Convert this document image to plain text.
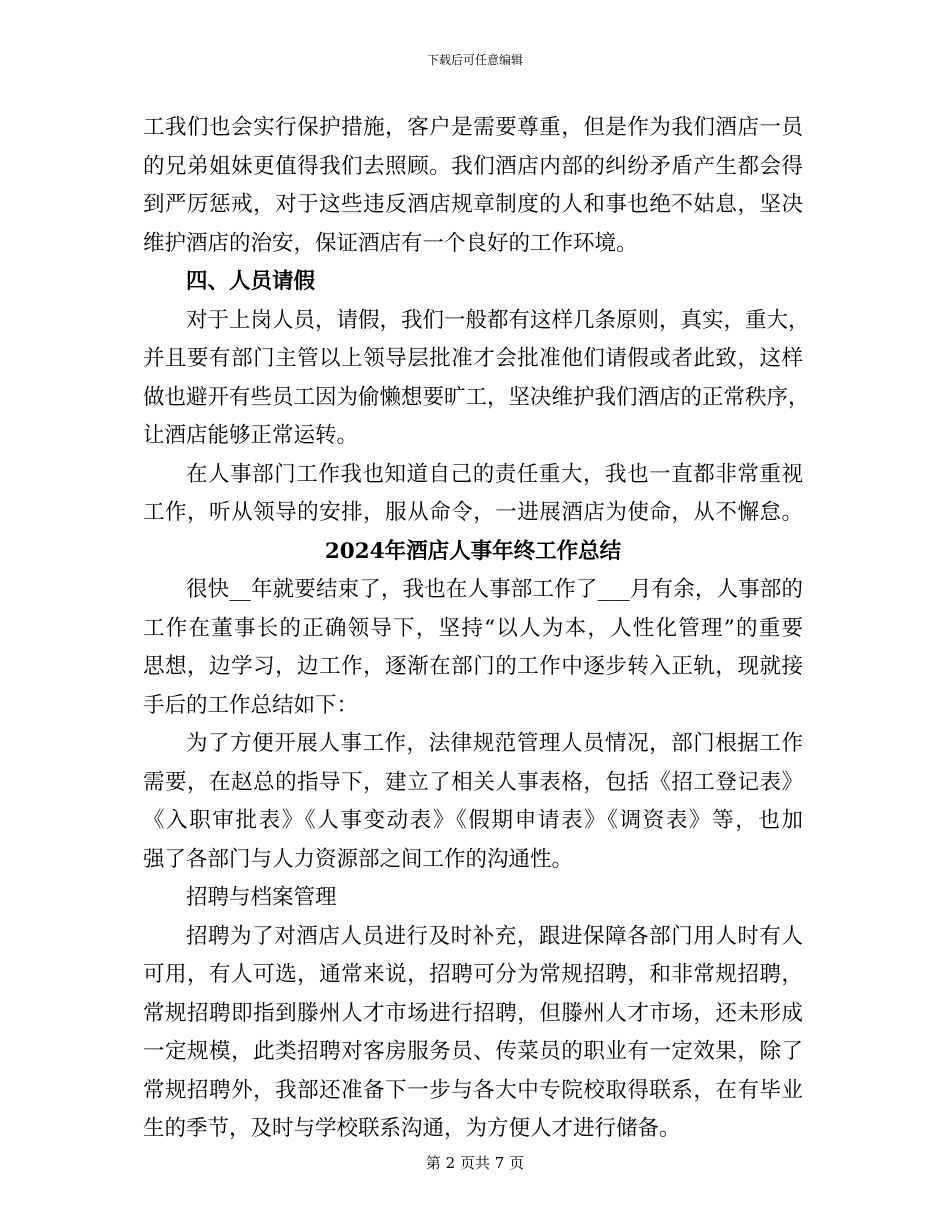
下载后可任意编辑
工我们也会实行保护措施，客户是需要尊重，但是作为我们酒店一员
的兄弟姐妹更值得我们去照顾。我们酒店内部的纠纷矛盾产生都会得
到严厉惩戒，对于这些违反酒店规章制度的人和事也绝不姑息，坚决
维护酒店的治安，保证酒店有一个良好的工作环境。
四、人员请假
对于上岗人员，请假，我们一般都有这样几条原则，真实，重大，
并且要有部门主管以上领导层批准才会批准他们请假或者此致，这样
做也避开有些员工因为偷懒想要旷工，坚决维护我们酒店的正常秩序，
让酒店能够正常运转。
在人事部门工作我也知道自己的责任重大，我也一直都非常重视
工作，听从领导的安排，服从命令，一进展酒店为使命，从不懈怠。
2024年酒店人事年终工作总结
很快__年就要结束了，我也在人事部工作了___月有余，人事部的
工作在董事长的正确领导下，坚持“以人为本，人性化管理”的重要
思想，边学习，边工作，逐渐在部门的工作中逐步转入正轨，现就接
手后的工作总结如下：
为了方便开展人事工作，法律规范管理人员情况，部门根据工作
需要，在赵总的指导下，建立了相关人事表格，包括《招工登记表》
《入职审批表》《人事变动表》《假期申请表》《调资表》等，也加
强了各部门与人力资源部之间工作的沟通性。
招聘与档案管理
招聘为了对酒店人员进行及时补充，跟进保障各部门用人时有人
可用，有人可选，通常来说，招聘可分为常规招聘，和非常规招聘，
常规招聘即指到滕州人才市场进行招聘，但滕州人才市场，还未形成
一定规模，此类招聘对客房服务员、传菜员的职业有一定效果，除了
常规招聘外，我部还准备下一步与各大中专院校取得联系，在有毕业
生的季节，及时与学校联系沟通，为方便人才进行储备。
第 2 页共 7 页
